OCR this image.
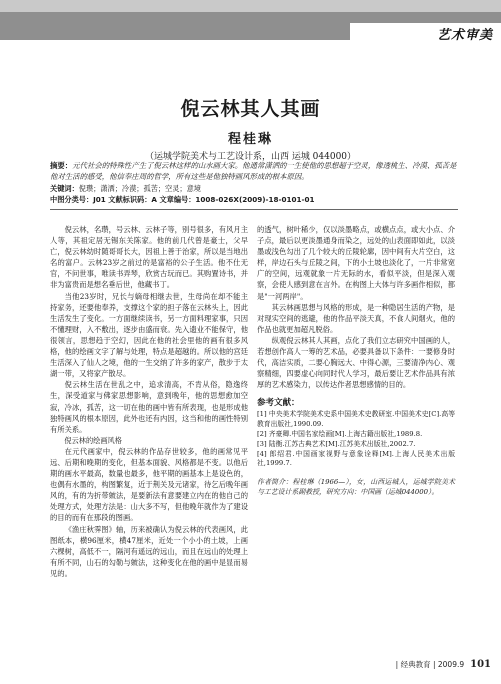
艺术审美
倪云林其人其画
程桂琳
（运城学院美术与工艺设计系，山西 运城 044000）
摘要：元代社会的特殊性产生了倪云林这样的山水画大家。他通常潇洒的一生使他的思想超于空灵，像透桃生、冷漠、孤苦是他对生活的感受，他信奉庄周的哲学，所有这些是他独特画风形成的根本原因。
关键词：倪瓒；潇洒；冷漠；孤苦；空灵；意境
中图分类号：J01 文献标识码：A 文章编号：1008-026X(2009)-18-0101-01

倪云林，名瓒，号云林、云林子等，别号很多，有风月主人等，其祖定居无锡东关陈家。他的前几代曾是豪士，父早亡，倪云林幼时随哥哥长大，因祖上善于治家，所以是当地出名的富户。云林23岁之前过的是富裕的公子生活。他不仕无官，不问世事，唯读书弄琴，欣赏古玩而已。其购置诗书，并非为富贵而是想名垂后世，他藏书丁。

当他23岁时，兄长与嫡母相继去世，生母尚在却不能主持家务，还要他奉养，支撑这个家的担子落在云林头上，因此生活发生了变化。一方面继续读书，另一方面料理家事，只因不懂理财，入不敷出，逐步由盛而衰。先入遗业不能保守，他很领言，思想趋于空幻，因此在他的社会里他的画有很多风格，他的绘画文字了解与处理，特点是超越的。所以他的宫廷生活深入了仙人之境，他的一生交纳了许多的家产，散步于太湖一带，又将家产散尽。

倪云林生活在世乱之中，追求清高，不肯从俗，隐逸终生，深受道家与佛家思想影响，意到晚年，他的思想愈加空寂，冷冰，孤苦，这一切在他的画中皆有所表现，也是形成他独特画风的根本原因，此外也还有内因，这当和他的画性特别有所关系。

倪云林的绘画风格

在元代画家中，倪云林的作品存世较多，他的画常见平远、后期和晚期的变化，但基本面貌、风格都是不变。以他后期的画水平最高，数量也最多，他平期的画基本上是设色的，也偶有水墨的，构图繁复，近于荆关及元诸家，待乞后晚年画风的，有的为折带皴法，是要新法有意要建立内在的他自己的处理方式，处理方法是：山大多不写，但他晚年就作为了建设的目的而有在那段的图画。

《渔庄秋霁图》轴，历来被确认为倪云林的代表画风，此图纸本，横96厘米，横47厘米，近处一个小小的土坡，上画六棵树，高低不一，隔河有遥远的远山，而且在远山的处理上有所不同，山石的勾勒与皴法，这种变化在他的画中是显而易见的。

的透气，树叶稀少，仅以淡墨略点，或横点点，或大小点、介子点，最后以更淡墨通身而染之，远处的山表面即如此，以淡墨或浅色勾出了几个较大的丘陵轮廓，因中间有大片空白，这样，岸边石头与丘陵之间，下的小土坡也淡化了，一片非常宽广的空间，远观就象一片无际的水，看似平淡，但是深入观察，会使人感到意在言外。在构图上大体与许多画作相似，都是"一河两岸"。

其云林画思想与风格的形成，是一种隐居生活的产物，是对现实空间的逃避，他的作品平淡天真，不食人间烟火，他的作品也就更加超凡脱俗。

纵观倪云林其人其画，点化了我们立志研究中国画的人，若想创作高人一筹的艺术品，必要具备以下条件：一要修身时代，高洁实质，二要心胸远大、中得心源，三要清净内心、观察精细，四要虚心向同时代人学习，最后要让艺术作品具有浓厚的艺术感染力，以传达作者思想感情的目的。

参考文献：
[1] 中央美术学院美术史系中国美术史教研室.中国美术史[C].高等教育出版社,1990.09.
[2] 齐豪卿.中国名家绘画[M].上海古籍出版社,1989.8.
[3] 陆衡.江苏古典艺术[M].江苏美术出版社,2002.7.
[4] 郎绍君.中国画家视野与意象诠释[M].上海人民美术出版社,1999.7.
作者简介：程桂琳（1966—），女，山西运城人，运城学院美术与工艺设计系副教授，研究方向：中国画（运城044000）。
| 经典教育 | 2009.9 101
